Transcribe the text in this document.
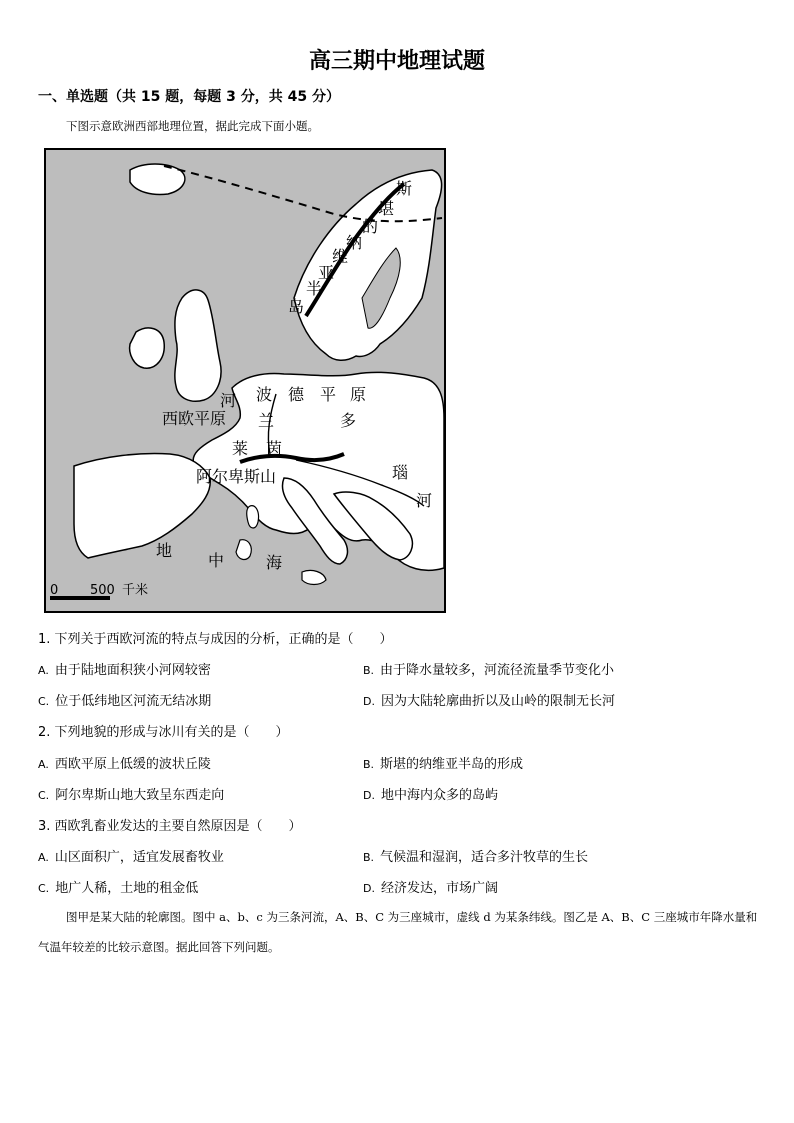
高三期中地理试题
一、单选题（共 15 题，每题 3 分，共 45 分）
下图示意欧洲西部地理位置，据此完成下面小题。
斯
堪
的
纳
维
亚
半
岛
波 德 平 原
兰
河
西欧平原
莱 茵
阿尔卑斯山
多
瑙
河
地
中	海
0 500 千米
1. 下列关于西欧河流的特点与成因的分析，正确的是（　　）
A. 由于陆地面积狭小河网较密	B. 由于降水量较多，河流径流量季节变化小
C. 位于低纬地区河流无结冰期	D. 因为大陆轮廓曲折以及山岭的限制无长河
2. 下列地貌的形成与冰川有关的是（　　）
A. 西欧平原上低缓的波状丘陵	B. 斯堪的纳维亚半岛的形成
C. 阿尔卑斯山地大致呈东西走向	D. 地中海内众多的岛屿
3. 西欧乳畜业发达的主要自然原因是（　　）
A. 山区面积广，适宜发展畜牧业	B. 气候温和湿润，适合多汁牧草的生长
C. 地广人稀，土地的租金低	D. 经济发达，市场广阔
图甲是某大陆的轮廓图。图中 a、b、c 为三条河流，A、B、C 为三座城市，虚线 d 为某条纬线。图乙是 A、B、C 三座城市年降水量和气温年较差的比较示意图。据此回答下列问题。
